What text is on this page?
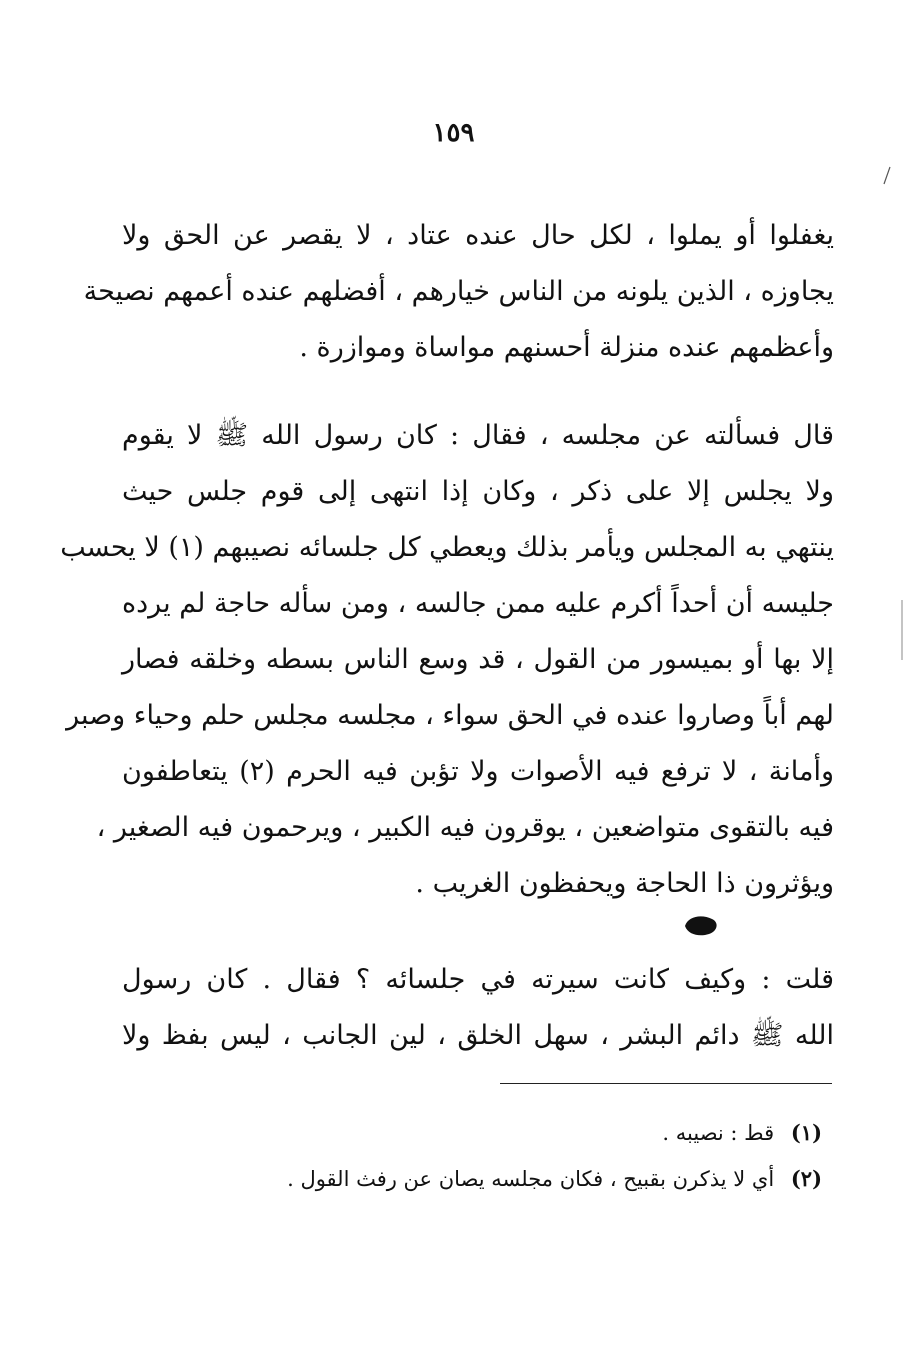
١٥٩
يغفلوا أو يملوا ، لكل حال عنده عتاد ، لا يقصر عن الحق ولا
يجاوزه ، الذين يلونه من الناس خيارهم ، أفضلهم عنده أعمهم نصيحة
وأعظمهم عنده منزلة أحسنهم مواساة وموازرة .
قال فسألته عن مجلسه ، فقال : كان رسول الله ﷺ لا يقوم
ولا يجلس إلا على ذكر ، وكان إذا انتهى إلى قوم جلس حيث
ينتهي به المجلس ويأمر بذلك ويعطي كل جلسائه نصيبهم (١) لا يحسب
جليسه أن أحداً أكرم عليه ممن جالسه ، ومن سأله حاجة لم يرده
إلا بها أو بميسور من القول ، قد وسع الناس بسطه وخلقه فصار
لهم أباً وصاروا عنده في الحق سواء ، مجلسه مجلس حلم وحياء وصبر
وأمانة ، لا ترفع فيه الأصوات ولا تؤبن فيه الحرم (٢) يتعاطفون
فيه بالتقوى متواضعين ، يوقرون فيه الكبير ، ويرحمون فيه الصغير ،
ويؤثرون ذا الحاجة ويحفظون الغريب .
قلت : وكيف كانت سيرته في جلسائه ؟ فقال . كان رسول
الله ﷺ دائم البشر ، سهل الخلق ، لين الجانب ، ليس بفظ ولا
(١) قط : نصيبه .
(٢) أي لا يذكرن بقبيح ، فكان مجلسه يصان عن رفث القول .
